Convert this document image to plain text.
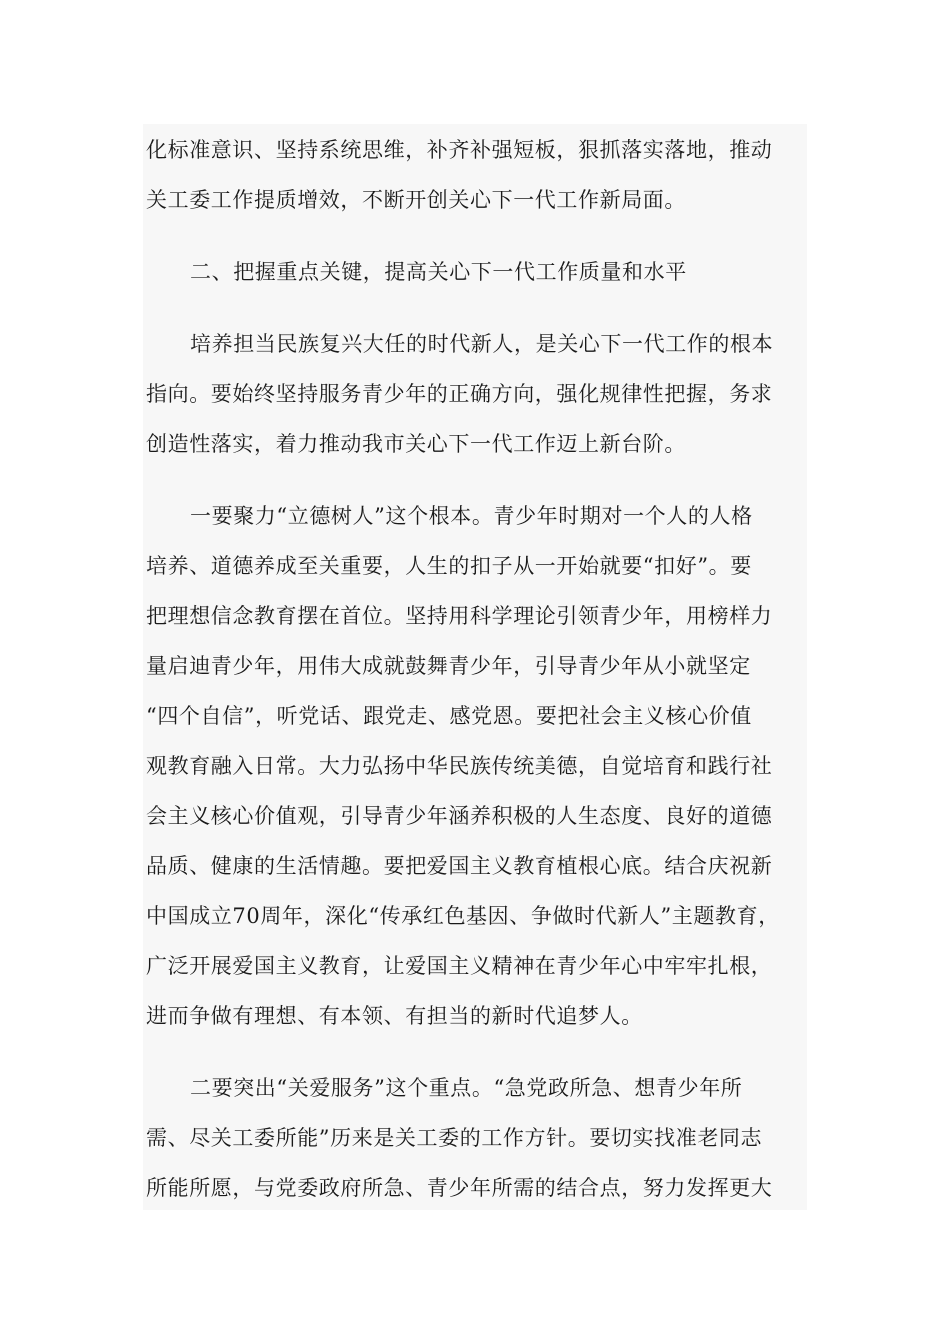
化标准意识、坚持系统思维，补齐补强短板，狠抓落实落地，推动
关工委工作提质增效，不断开创关心下一代工作新局面。
二、把握重点关键，提高关心下一代工作质量和水平
培养担当民族复兴大任的时代新人，是关心下一代工作的根本
指向。要始终坚持服务青少年的正确方向，强化规律性把握，务求
创造性落实，着力推动我市关心下一代工作迈上新台阶。
一要聚力“立德树人”这个根本。青少年时期对一个人的人格
培养、道德养成至关重要，人生的扣子从一开始就要“扣好”。要
把理想信念教育摆在首位。坚持用科学理论引领青少年，用榜样力
量启迪青少年，用伟大成就鼓舞青少年，引导青少年从小就坚定
“四个自信”，听党话、跟党走、感党恩。要把社会主义核心价值
观教育融入日常。大力弘扬中华民族传统美德，自觉培育和践行社
会主义核心价值观，引导青少年涵养积极的人生态度、良好的道德
品质、健康的生活情趣。要把爱国主义教育植根心底。结合庆祝新
中国成立70周年，深化“传承红色基因、争做时代新人”主题教育，
广泛开展爱国主义教育，让爱国主义精神在青少年心中牢牢扎根，
进而争做有理想、有本领、有担当的新时代追梦人。
二要突出“关爱服务”这个重点。“急党政所急、想青少年所
需、尽关工委所能”历来是关工委的工作方针。要切实找准老同志
所能所愿，与党委政府所急、青少年所需的结合点，努力发挥更大
